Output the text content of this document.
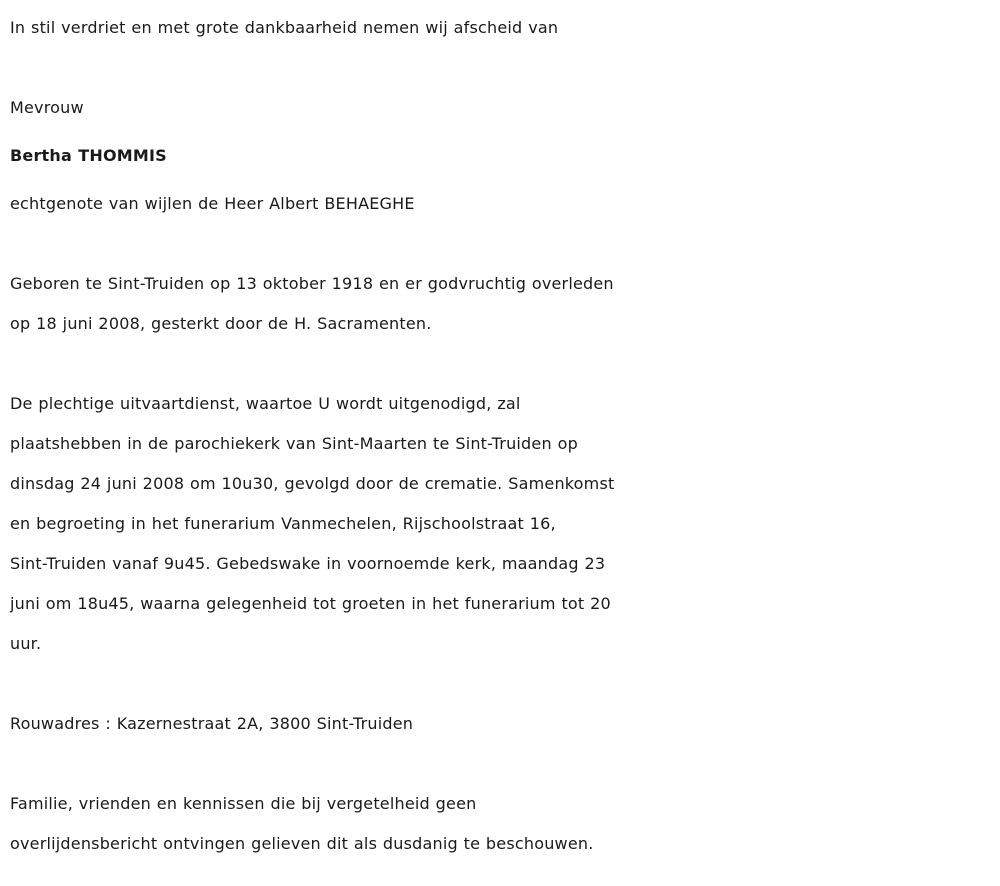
In stil verdriet en met grote dankbaarheid nemen wij afscheid van
Mevrouw
Bertha THOMMIS
echtgenote van wijlen de Heer Albert BEHAEGHE
Geboren te Sint-Truiden op 13 oktober 1918 en er godvruchtig overleden
op 18 juni 2008, gesterkt door de H. Sacramenten.
De plechtige uitvaartdienst, waartoe U wordt uitgenodigd, zal
plaatshebben in de parochiekerk van Sint-Maarten te Sint-Truiden op
dinsdag 24 juni 2008 om 10u30, gevolgd door de crematie. Samenkomst
en begroeting in het funerarium Vanmechelen, Rijschoolstraat 16,
Sint-Truiden vanaf 9u45. Gebedswake in voornoemde kerk, maandag 23
juni om 18u45, waarna gelegenheid tot groeten in het funerarium tot 20
uur.
Rouwadres : Kazernestraat 2A, 3800 Sint-Truiden
Familie, vrienden en kennissen die bij vergetelheid geen
overlijdensbericht ontvingen gelieven dit als dusdanig te beschouwen.
